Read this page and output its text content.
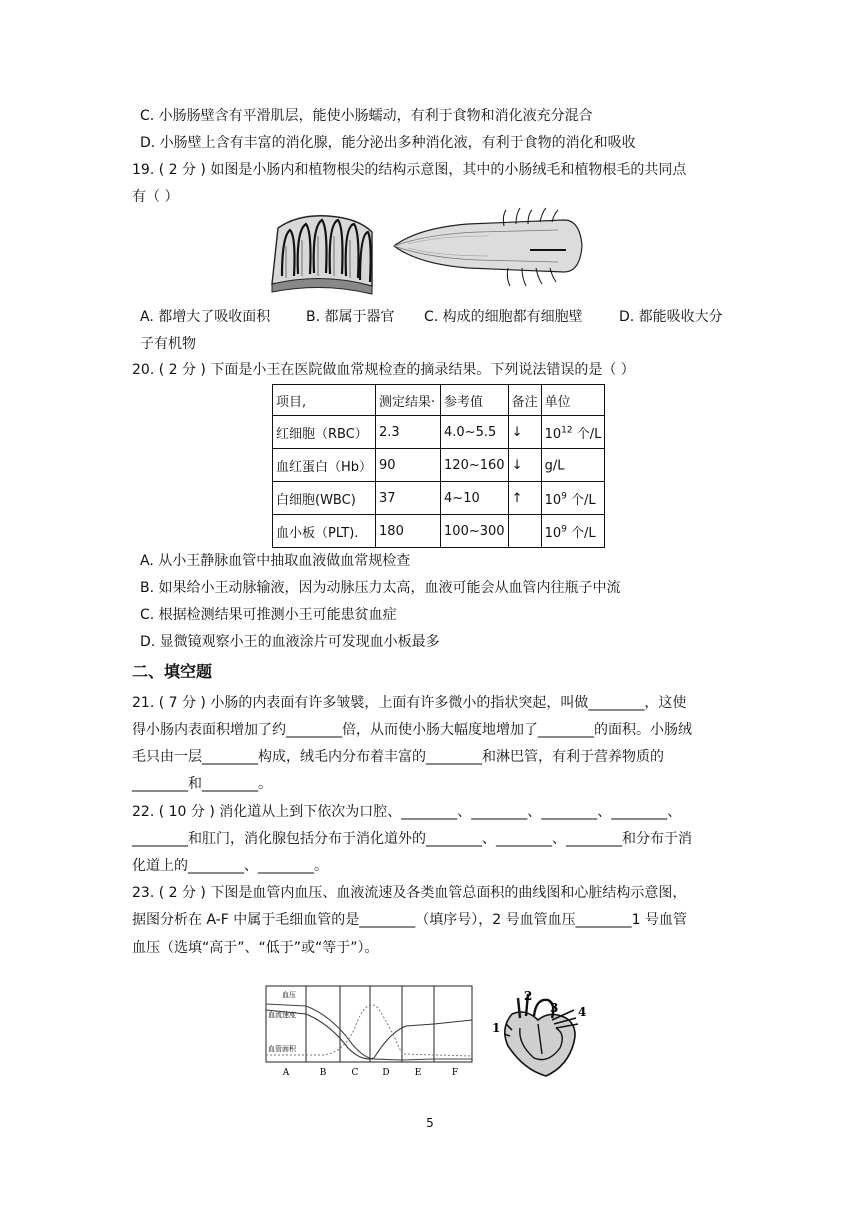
C. 小肠肠壁含有平滑肌层，能使小肠蠕动，有利于食物和消化液充分混合
D. 小肠壁上含有丰富的消化腺，能分泌出多种消化液，有利于食物的消化和吸收
19. ( 2 分 ) 如图是小肠内和植物根尖的结构示意图，其中的小肠绒毛和植物根毛的共同点
有（ ）
A. 都增大了吸收面积	B. 都属于器官 C. 构成的细胞都有细胞壁	D. 都能吸收大分
子有机物
20. ( 2 分 ) 下面是小王在医院做血常规检查的摘录结果。下列说法错误的是（ ）
项目,	测定结果·	参考值	备注	单位
红细胞（RBC）	2.3	4.0~5.5	↓	$10^{12}$ 个/L
血红蛋白（Hb）	90	120~160	↓	g/L
白细胞(WBC)	37	4~10	↑	$10^9$ 个/L
血小板（PLT).	180	100~300		$10^9$ 个/L
A. 从小王静脉血管中抽取血液做血常规检查
B. 如果给小王动脉输液，因为动脉压力太高，血液可能会从血管内往瓶子中流
C. 根据检测结果可推测小王可能患贫血症
D. 显微镜观察小王的血液涂片可发现血小板最多
二、填空题
21. ( 7 分 ) 小肠的内表面有许多皱襞，上面有许多微小的指状突起，叫做________，这使
得小肠内表面积增加了约________倍，从而使小肠大幅度地增加了________的面积。小肠绒
毛只由一层________构成，绒毛内分布着丰富的________和淋巴管，有利于营养物质的
________和________。
22. ( 10 分 ) 消化道从上到下依次为口腔、________、________、________、________、
________和肛门，消化腺包括分布于消化道外的________、________、________和分布于消
化道上的________、________。
23. ( 2 分 ) 下图是血管内血压、血液流速及各类血管总面积的曲线图和心脏结构示意图，
据图分析在 A-F 中属于毛细血管的是________（填序号），2 号血管血压________1 号血管
血压（选填“高于”、“低于”或“等于”）。
血压
血流速度
血管面积
A	B	C	D	E	F
1
2
3 4
5
